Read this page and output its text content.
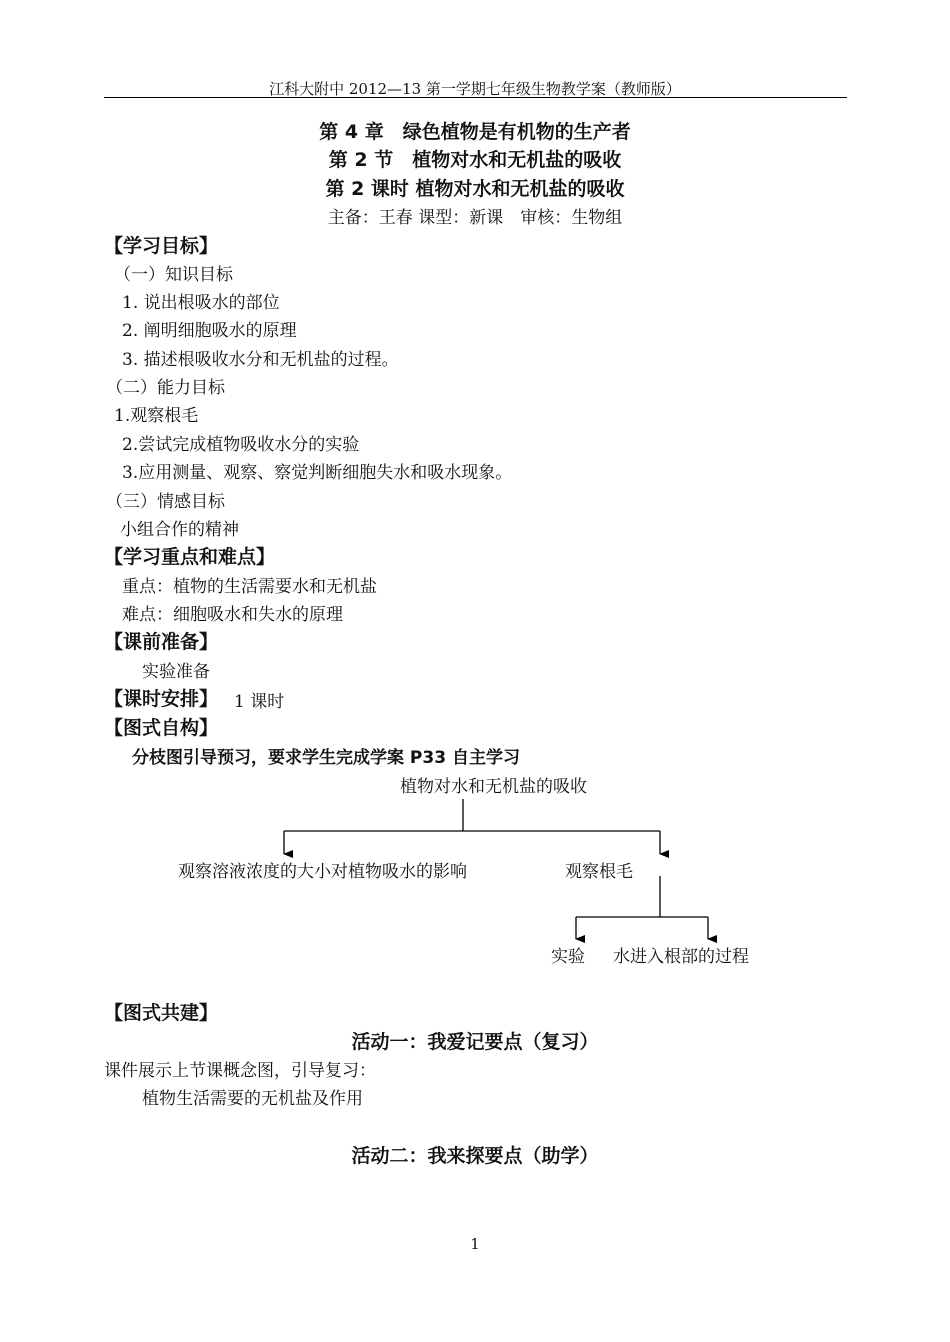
江科大附中 2012—13 第一学期七年级生物教学案（教师版）
第 4 章　绿色植物是有机物的生产者
第 2 节　植物对水和无机盐的吸收
第 2 课时 植物对水和无机盐的吸收
主备：王春 课型：新课　审核：生物组
【学习目标】
（一）知识目标
1. 说出根吸水的部位
2. 阐明细胞吸水的原理
3. 描述根吸收水分和无机盐的过程。
（二）能力目标
1.观察根毛
2.尝试完成植物吸收水分的实验
3.应用测量、观察、察觉判断细胞失水和吸水现象。
（三）情感目标
小组合作的精神
【学习重点和难点】
重点：植物的生活需要水和无机盐
难点：细胞吸水和失水的原理
【课前准备】
实验准备
【课时安排】 1 课时
【图式自构】
分枝图引导预习，要求学生完成学案 P33 自主学习
植物对水和无机盐的吸收
观察溶液浓度的大小对植物吸水的影响	观察根毛
实验 水进入根部的过程
【图式共建】
活动一：我爱记要点（复习）
课件展示上节课概念图，引导复习：
植物生活需要的无机盐及作用
活动二：我来探要点（助学）
1
